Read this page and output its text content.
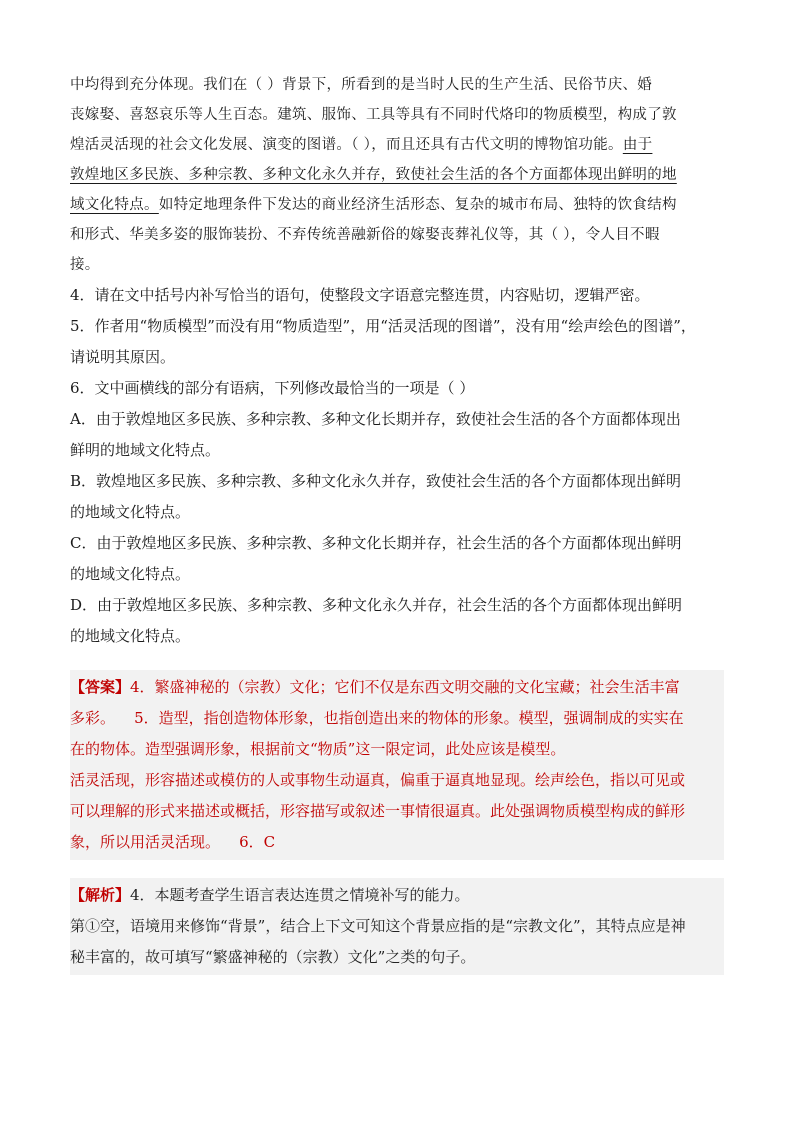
中均得到充分体现。我们在（ ）背景下，所看到的是当时人民的生产生活、民俗节庆、婚

丧嫁娶、喜怒哀乐等人生百态。建筑、服饰、工具等具有不同时代烙印的物质模型，构成了敦

煌活灵活现的社会文化发展、演变的图谱。（ ），而且还具有古代文明的博物馆功能。由于

敦煌地区多民族、多种宗教、多种文化永久并存，致使社会生活的各个方面都体现出鲜明的地

域文化特点。如特定地理条件下发达的商业经济生活形态、复杂的城市布局、独特的饮食结构

和形式、华美多姿的服饰装扮、不弃传统善融新俗的嫁娶丧葬礼仪等，其（ ），令人目不暇

接。

4．请在文中括号内补写恰当的语句，使整段文字语意完整连贯，内容贴切，逻辑严密。

5．作者用“物质模型”而没有用“物质造型”，用“活灵活现的图谱”，没有用“绘声绘色的图谱”，

请说明其原因。

6．文中画横线的部分有语病，下列修改最恰当的一项是（ ）

A．由于敦煌地区多民族、多种宗教、多种文化长期并存，致使社会生活的各个方面都体现出

鲜明的地域文化特点。

B．敦煌地区多民族、多种宗教、多种文化永久并存，致使社会生活的各个方面都体现出鲜明

的地域文化特点。

C．由于敦煌地区多民族、多种宗教、多种文化长期并存，社会生活的各个方面都体现出鲜明

的地域文化特点。

D．由于敦煌地区多民族、多种宗教、多种文化永久并存，社会生活的各个方面都体现出鲜明

的地域文化特点。

【答案】4．繁盛神秘的（宗教）文化；它们不仅是东西文明交融的文化宝藏；社会生活丰富

多彩。    5．造型，指创造物体形象，也指创造出来的物体的形象。模型，强调制成的实实在

在的物体。造型强调形象，根据前文“物质”这一限定词，此处应该是模型。

活灵活现，形容描述或模仿的人或事物生动逼真，偏重于逼真地显现。绘声绘色，指以可见或

可以理解的形式来描述或概括，形容描写或叙述一事情很逼真。此处强调物质模型构成的鲜形

象，所以用活灵活现。    6．C

【解析】4．本题考查学生语言表达连贯之情境补写的能力。

第①空，语境用来修饰“背景”，结合上下文可知这个背景应指的是“宗教文化”，其特点应是神

秘丰富的，故可填写“繁盛神秘的（宗教）文化”之类的句子。
